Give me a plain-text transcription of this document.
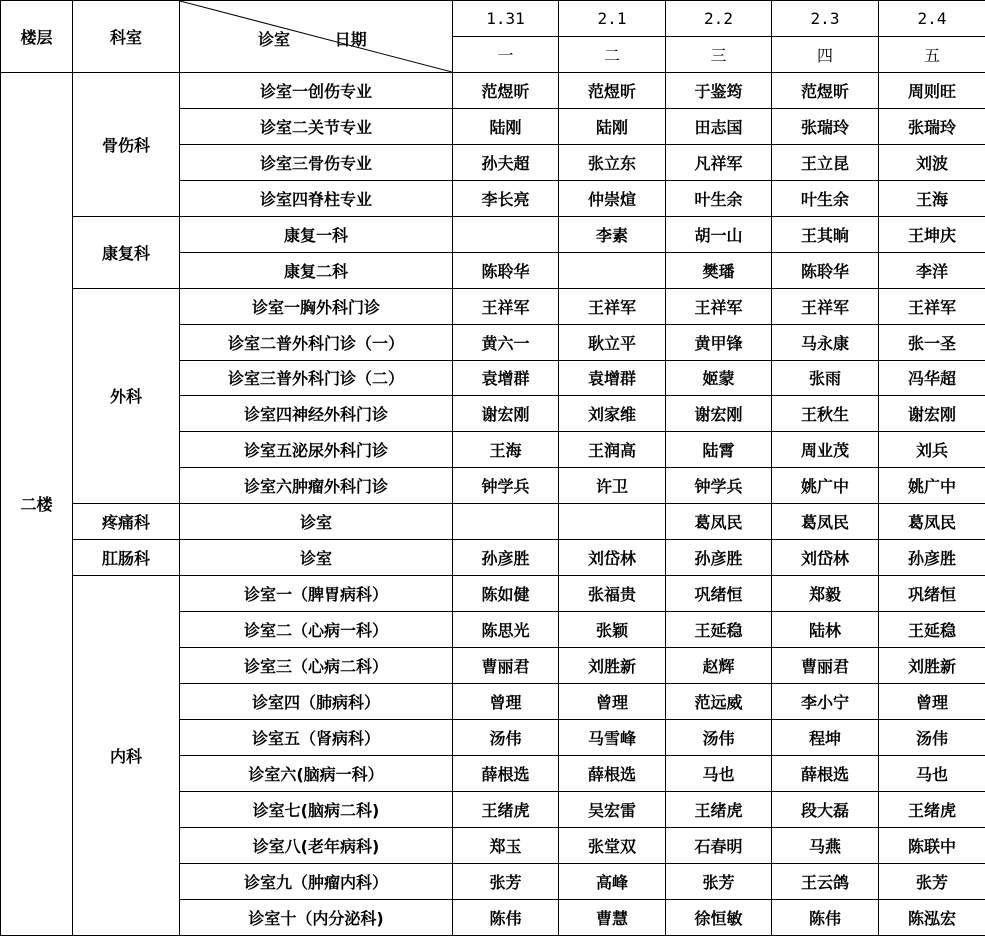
楼层	科室	诊室        日期	1.31	2.1	2.2	2.3	2.4
			一	二	三	四	五
二楼	骨伤科	诊室一创伤专业	范煜昕	范煜昕	于鉴筠	范煜昕	周则旺
		诊室二关节专业	陆刚	陆刚	田志国	张瑞玲	张瑞玲
		诊室三骨伤专业	孙夫超	张立东	凡祥军	王立昆	刘波
		诊室四脊柱专业	李长亮	仲崇煊	叶生余	叶生余	王海
	康复科	康复一科		李素	胡一山	王其晌	王坤庆
		康复二科	陈聆华		樊璠	陈聆华	李洋
	外科	诊室一胸外科门诊	王祥军	王祥军	王祥军	王祥军	王祥军
		诊室二普外科门诊（一）	黄六一	耿立平	黄甲锋	马永康	张一圣
		诊室三普外科门诊（二）	袁增群	袁增群	姬蒙	张雨	冯华超
		诊室四神经外科门诊	谢宏刚	刘家维	谢宏刚	王秋生	谢宏刚
		诊室五泌尿外科门诊	王海	王润高	陆霄	周业茂	刘兵
		诊室六肿瘤外科门诊	钟学兵	许卫	钟学兵	姚广中	姚广中
	疼痛科	诊室			葛凤民	葛凤民	葛凤民
	肛肠科	诊室	孙彦胜	刘岱林	孙彦胜	刘岱林	孙彦胜
	内科	诊室一（脾胃病科）	陈如健	张福贵	巩绪恒	郑毅	巩绪恒
		诊室二（心病一科）	陈思光	张颖	王延稳	陆林	王延稳
		诊室三（心病二科）	曹丽君	刘胜新	赵辉	曹丽君	刘胜新
		诊室四（肺病科）	曾理	曾理	范远威	李小宁	曾理
		诊室五（肾病科）	汤伟	马雪峰	汤伟	程坤	汤伟
		诊室六(脑病一科）	薛根选	薛根选	马也	薛根选	马也
		诊室七(脑病二科)	王绪虎	吴宏雷	王绪虎	段大磊	王绪虎
		诊室八(老年病科)	郑玉	张堂双	石春明	马燕	陈联中
		诊室九（肿瘤内科）	张芳	高峰	张芳	王云鸽	张芳
		诊室十（内分泌科)	陈伟	曹慧	徐恒敏	陈伟	陈泓宏
